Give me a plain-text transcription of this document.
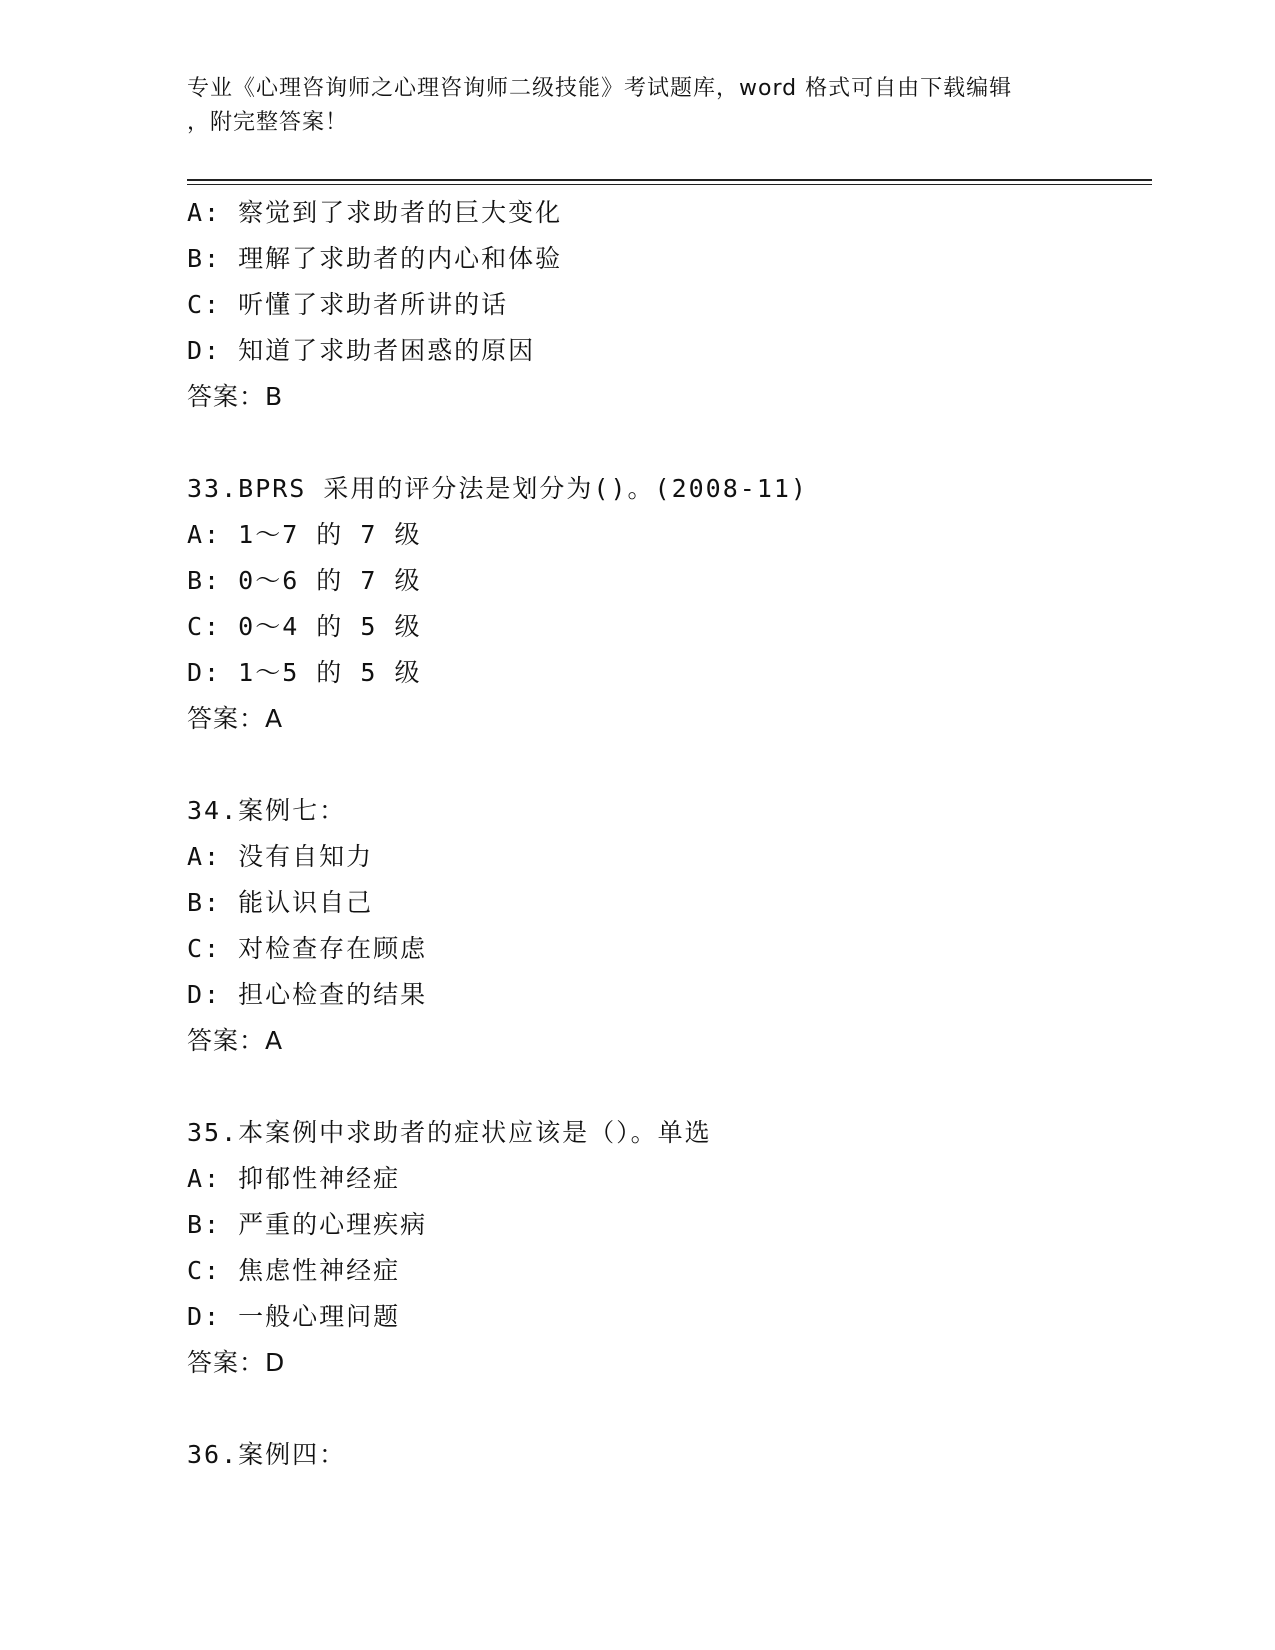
专业《心理咨询师之心理咨询师二级技能》考试题库，word 格式可自由下载编辑
，附完整答案！
A: 察觉到了求助者的巨大变化
B: 理解了求助者的内心和体验
C: 听懂了求助者所讲的话
D: 知道了求助者困惑的原因
答案：B
33.BPRS 采用的评分法是划分为()。(2008-11)
A: 1～7 的 7 级
B: 0～6 的 7 级
C: 0～4 的 5 级
D: 1～5 的 5 级
答案：A
34.案例七：
A: 没有自知力
B: 能认识自己
C: 对检查存在顾虑
D: 担心检查的结果
答案：A
35.本案例中求助者的症状应该是（）。单选
A: 抑郁性神经症
B: 严重的心理疾病
C: 焦虑性神经症
D: 一般心理问题
答案：D
36.案例四：
